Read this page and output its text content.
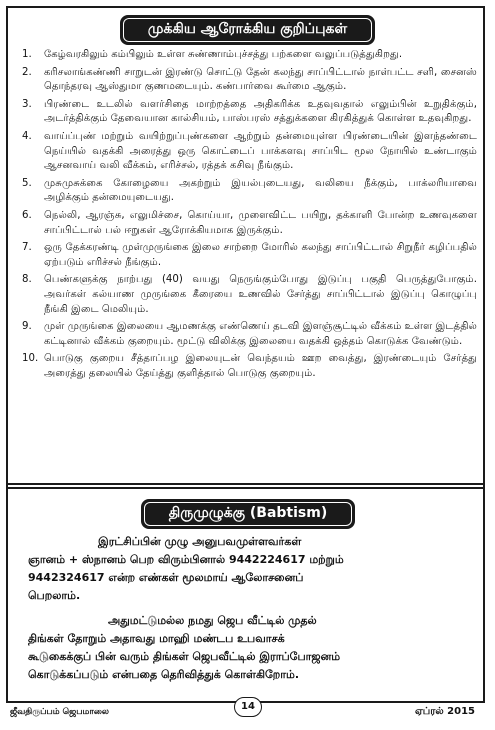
முக்கிய ஆரோக்கிய குறிப்புகள்
1.	கேழ்வரகிலும் கம்பிலும் உள்ள சுண்ணாம்புச்சத்து பற்களை வலுப்படுத்துகிறது.
2.	கரிசலாங்கண்ணி சாறுடன் இரண்டு சொட்டு தேன் கலந்து சாப்பிட்டால் நாள்பட்ட சளி, சைனஸ் தொந்தரவு ஆஸ்துமா குணமடையும். கண்பார்வை கூர்மை ஆகும்.
3.	பிரண்டை உடலில் வளர்சிதை மாற்றத்தை அதிகரிக்க உதவுவதால் எலும்பின் உறுதிக்கும், அடர்த்திக்கும் தேவையான கால்சியம், பாஸ்பரஸ் சத்துக்களை கிரகித்துக் கொள்ள உதவுகிறது.
4.	வாய்ப்புண் மற்றும் வயிற்றுப்புண்களை ஆற்றும் தன்மையுள்ள பிரண்டையின் இளந்தண்டை நெய்யில் வதக்கி அரைத்து ஒரு கொட்டைப் பாக்களவு சாப்பிட மூல நோயில் உண்டாகும் ஆசனவாய் வலி வீக்கம், எரிச்சல், ரத்தக் கசிவு நீங்கும்.
5.	முசுமுசுக்கை கோழையை அகற்றும் இயல்புடையது, வலியை நீக்கும், பாக்லரியாவை அழிக்கும் தன்மையுடையது.
6.	நெல்லி, ஆரஞ்சு, எலுமிச்சை, கொய்யா, முளைவிட்ட பயிறு, தக்காளி போன்ற உணவுகளை சாப்பிட்டால் பல் ஈறுகள் ஆரோக்கியமாக இருக்கும்.
7.	ஒரு தேக்கரண்டி முள்முருங்கை இலை சாற்றை மோரில் கலந்து சாப்பிட்டால் சிறுநீர் கழிப்பதில் ஏற்படும் எரிச்சல் நீங்கும்.
8.	பெண்களுக்கு நாற்பது (40) வயது நெருங்கும்போது இடுப்பு பகுதி பெருத்துபோகும். அவர்கள் கல்யாண முருங்கை கீரையை உணவில் சேர்த்து சாப்பிட்டால் இடுப்பு கொழுப்பு நீங்கி இடை மெலியும்.
9.	முள் முருங்கை இலையை ஆமணக்கு எண்ணெய் தடவி இளஞ்சூட்டில் வீக்கம் உள்ள இடத்தில் கட்டினால் வீக்கம் குறையும். மூட்டு விலிக்கு இலையை வதக்கி ஒத்தம் கொடுக்க வேண்டும்.
10. பொடுகு குறைய சீத்தாப்பழ இலையுடன் வெந்தயம் ஊற வைத்து, இரண்டையும் சேர்த்து அரைத்து தலையில் தேய்த்து குளித்தால் பொடுகு குறையும்.
திருமுழுக்கு (Babtism)
இரட்சிப்பின் முழு அனுபவமுள்ளவர்கள்
ஞானம் + ஸ்நானம் பெற விரும்பினால் 9442224617 மற்றும்
9442324617 என்ற எண்கள் மூலமாய் ஆலோசனைப்
பெறலாம்.
அதுமட்டுமல்ல நமது ஜெப வீட்டில் முதல்
திங்கள் தோறும் அதாவது மாஹி மண்டப உபவாசக்
கூடுகைக்குப் பின் வரும் திங்கள் ஜெபவீட்டில் இராப்போஜனம்
கொடுக்கப்படும் என்பதை தெரிவித்துக் கொள்கிறோம்.
ஜீவதிருப்பம் ஜெபமாலை	14	ஏப்ரல் 2015
